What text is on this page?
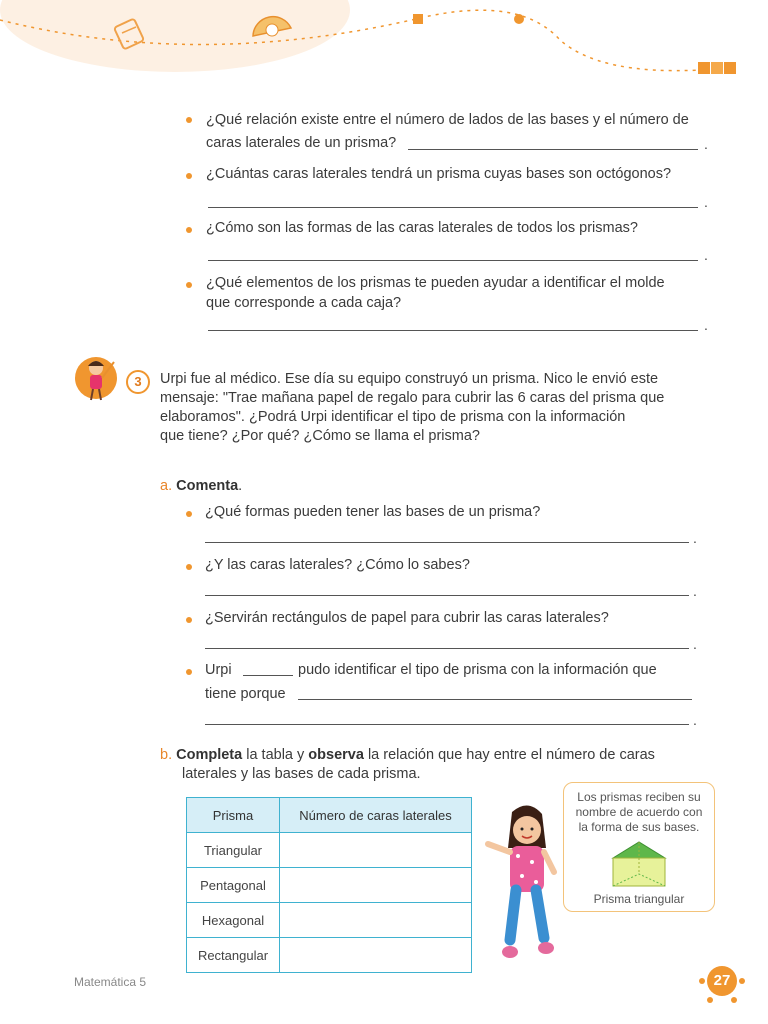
¿Qué relación existe entre el número de lados de las bases y el número de
caras laterales de un prisma?	.
¿Cuántas caras laterales tendrá un prisma cuyas bases son octógonos?
.
¿Cómo son las formas de las caras laterales de todos los prismas?
.
¿Qué elementos de los prismas te pueden ayudar a identificar el molde
que corresponde a cada caja?
.
3	Urpi fue al médico. Ese día su equipo construyó un prisma. Nico le envió este
mensaje: "Trae mañana papel de regalo para cubrir las 6 caras del prisma que
elaboramos". ¿Podrá Urpi identificar el tipo de prisma con la información
que tiene? ¿Por qué? ¿Cómo se llama el prisma?
a. Comenta.
¿Qué formas pueden tener las bases de un prisma?
.
¿Y las caras laterales? ¿Cómo lo sabes?
.
¿Servirán rectángulos de papel para cubrir las caras laterales?
.
Urpi	pudo identificar el tipo de prisma con la información que
tiene porque
.
b. Completa la tabla y observa la relación que hay entre el número de caras
laterales y las bases de cada prisma.
Prisma	Número de caras laterales
Triangular	
Pentagonal	
Hexagonal	
Rectangular	
Los prismas reciben su
nombre de acuerdo con
la forma de sus bases.
Prisma triangular
Matemática 5	27
